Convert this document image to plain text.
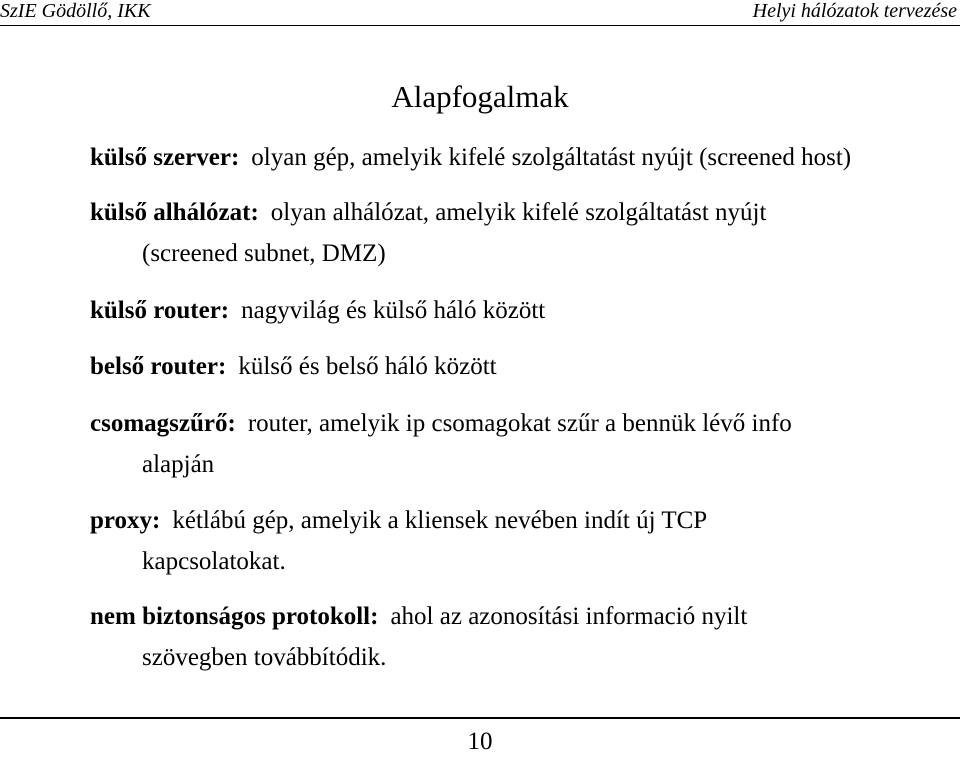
SzIE Gödöllő, IKK	Helyi hálózatok tervezése
Alapfogalmak
külső szerver: olyan gép, amelyik kifelé szolgáltatást nyújt (screened host)
külső alhálózat: olyan alhálózat, amelyik kifelé szolgáltatást nyújt
(screened subnet, DMZ)
külső router: nagyvilág és külső háló között
belső router: külső és belső háló között
csomagszűrő: router, amelyik ip csomagokat szűr a bennük lévő info
alapján
proxy: kétlábú gép, amelyik a kliensek nevében indít új TCP
kapcsolatokat.
nem biztonságos protokoll: ahol az azonosítási informació nyilt
szövegben továbbítódik.
10
